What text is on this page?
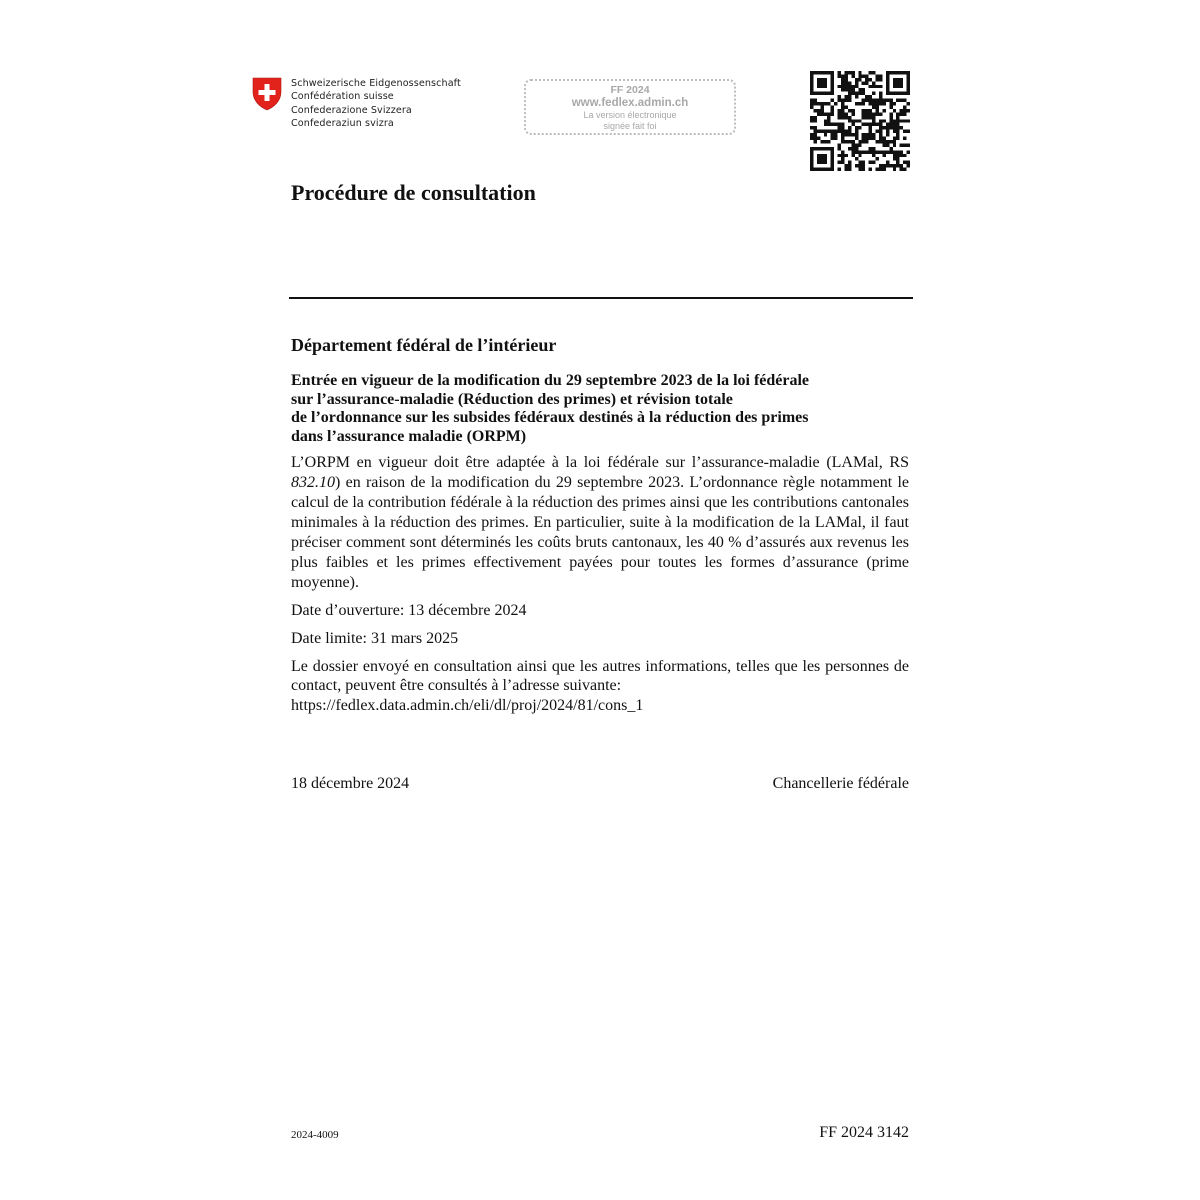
Schweizerische Eidgenossenschaft
Confédération suisse
Confederazione Svizzera
Confederaziun svizra
FF 2024
www.fedlex.admin.ch
La version électronique
signée fait foi
Procédure de consultation
Département fédéral de l’intérieur
Entrée en vigueur de la modification du 29 septembre 2023 de la loi fédérale
sur l’assurance-maladie (Réduction des primes) et révision totale
de l’ordonnance sur les subsides fédéraux destinés à la réduction des primes
dans l’assurance maladie (ORPM)

L’ORPM en vigueur doit être adaptée à la loi fédérale sur l’assurance-maladie (LAMal, RS 832.10) en raison de la modification du 29 septembre 2023. L’ordonnance règle notamment le calcul de la contribution fédérale à la réduction des primes ainsi que les contributions cantonales minimales à la réduction des primes. En particulier, suite à la modification de la LAMal, il faut préciser comment sont déterminés les coûts bruts cantonaux, les 40 % d’assurés aux revenus les plus faibles et les primes effectivement payées pour toutes les formes d’assurance (prime moyenne).

Date d’ouverture: 13 décembre 2024
Date limite: 31 mars 2025

Le dossier envoyé en consultation ainsi que les autres informations, telles que les personnes de contact, peuvent être consultés à l’adresse suivante:
https://fedlex.data.admin.ch/eli/dl/proj/2024/81/cons_1

18 décembre 2024	Chancellerie fédérale
2024-4009	FF 2024 3142
